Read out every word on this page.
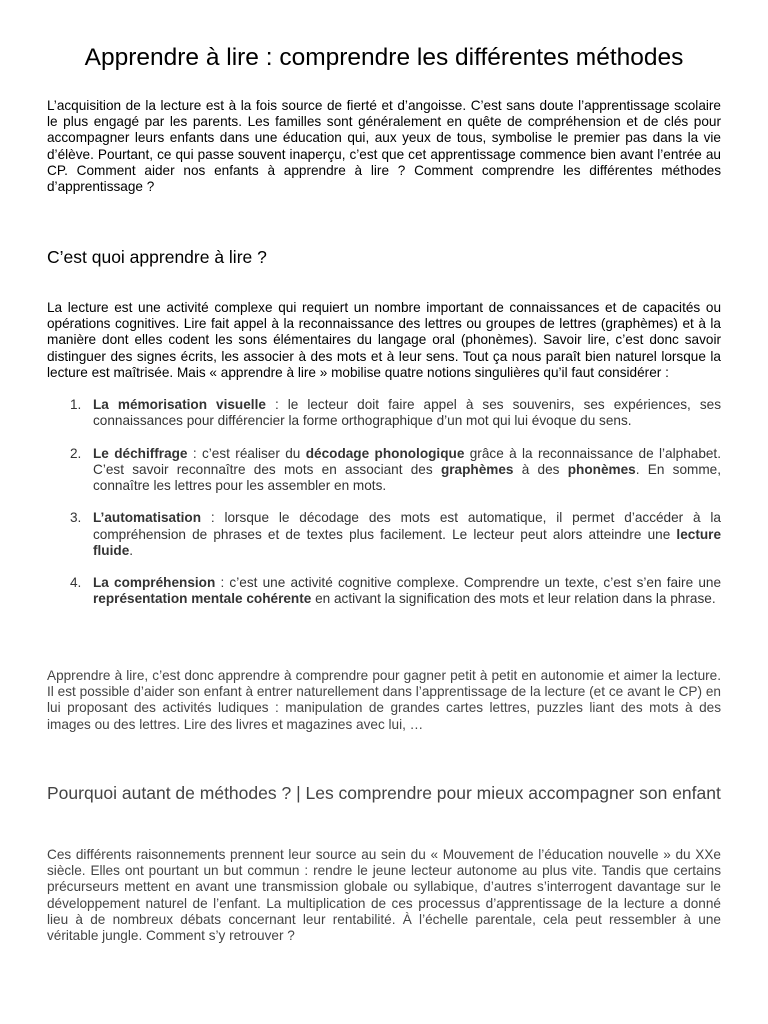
Apprendre à lire : comprendre les différentes méthodes

L’acquisition de la lecture est à la fois source de fierté et d’angoisse. C’est sans doute l’apprentissage scolaire le plus engagé par les parents. Les familles sont généralement en quête de compréhension et de clés pour accompagner leurs enfants dans une éducation qui, aux yeux de tous, symbolise le premier pas dans la vie d’élève. Pourtant, ce qui passe souvent inaperçu, c’est que cet apprentissage commence bien avant l’entrée au CP. Comment aider nos enfants à apprendre à lire ? Comment comprendre les différentes méthodes d’apprentissage ?

C’est quoi apprendre à lire ?

La lecture est une activité complexe qui requiert un nombre important de connaissances et de capacités ou opérations cognitives. Lire fait appel à la reconnaissance des lettres ou groupes de lettres (graphèmes) et à la manière dont elles codent les sons élémentaires du langage oral (phonèmes). Savoir lire, c’est donc savoir distinguer des signes écrits, les associer à des mots et à leur sens. Tout ça nous paraît bien naturel lorsque la lecture est maîtrisée. Mais « apprendre à lire » mobilise quatre notions singulières qu’il faut considérer :

1. La mémorisation visuelle : le lecteur doit faire appel à ses souvenirs, ses expériences, ses connaissances pour différencier la forme orthographique d’un mot qui lui évoque du sens.
2. Le déchiffrage : c’est réaliser du décodage phonologique grâce à la reconnaissance de l’alphabet. C’est savoir reconnaître des mots en associant des graphèmes à des phonèmes. En somme, connaître les lettres pour les assembler en mots.
3. L’automatisation : lorsque le décodage des mots est automatique, il permet d’accéder à la compréhension de phrases et de textes plus facilement. Le lecteur peut alors atteindre une lecture fluide.
4. La compréhension : c’est une activité cognitive complexe. Comprendre un texte, c’est s’en faire une représentation mentale cohérente en activant la signification des mots et leur relation dans la phrase.

Apprendre à lire, c’est donc apprendre à comprendre pour gagner petit à petit en autonomie et aimer la lecture. Il est possible d’aider son enfant à entrer naturellement dans l’apprentissage de la lecture (et ce avant le CP) en lui proposant des activités ludiques : manipulation de grandes cartes lettres, puzzles liant des mots à des images ou des lettres. Lire des livres et magazines avec lui, …

Pourquoi autant de méthodes ? | Les comprendre pour mieux accompagner son enfant

Ces différents raisonnements prennent leur source au sein du « Mouvement de l’éducation nouvelle » du XXe siècle. Elles ont pourtant un but commun : rendre le jeune lecteur autonome au plus vite. Tandis que certains précurseurs mettent en avant une transmission globale ou syllabique, d’autres s’interrogent davantage sur le développement naturel de l’enfant. La multiplication de ces processus d’apprentissage de la lecture a donné lieu à de nombreux débats concernant leur rentabilité. À l’échelle parentale, cela peut ressembler à une véritable jungle. Comment s’y retrouver ?
